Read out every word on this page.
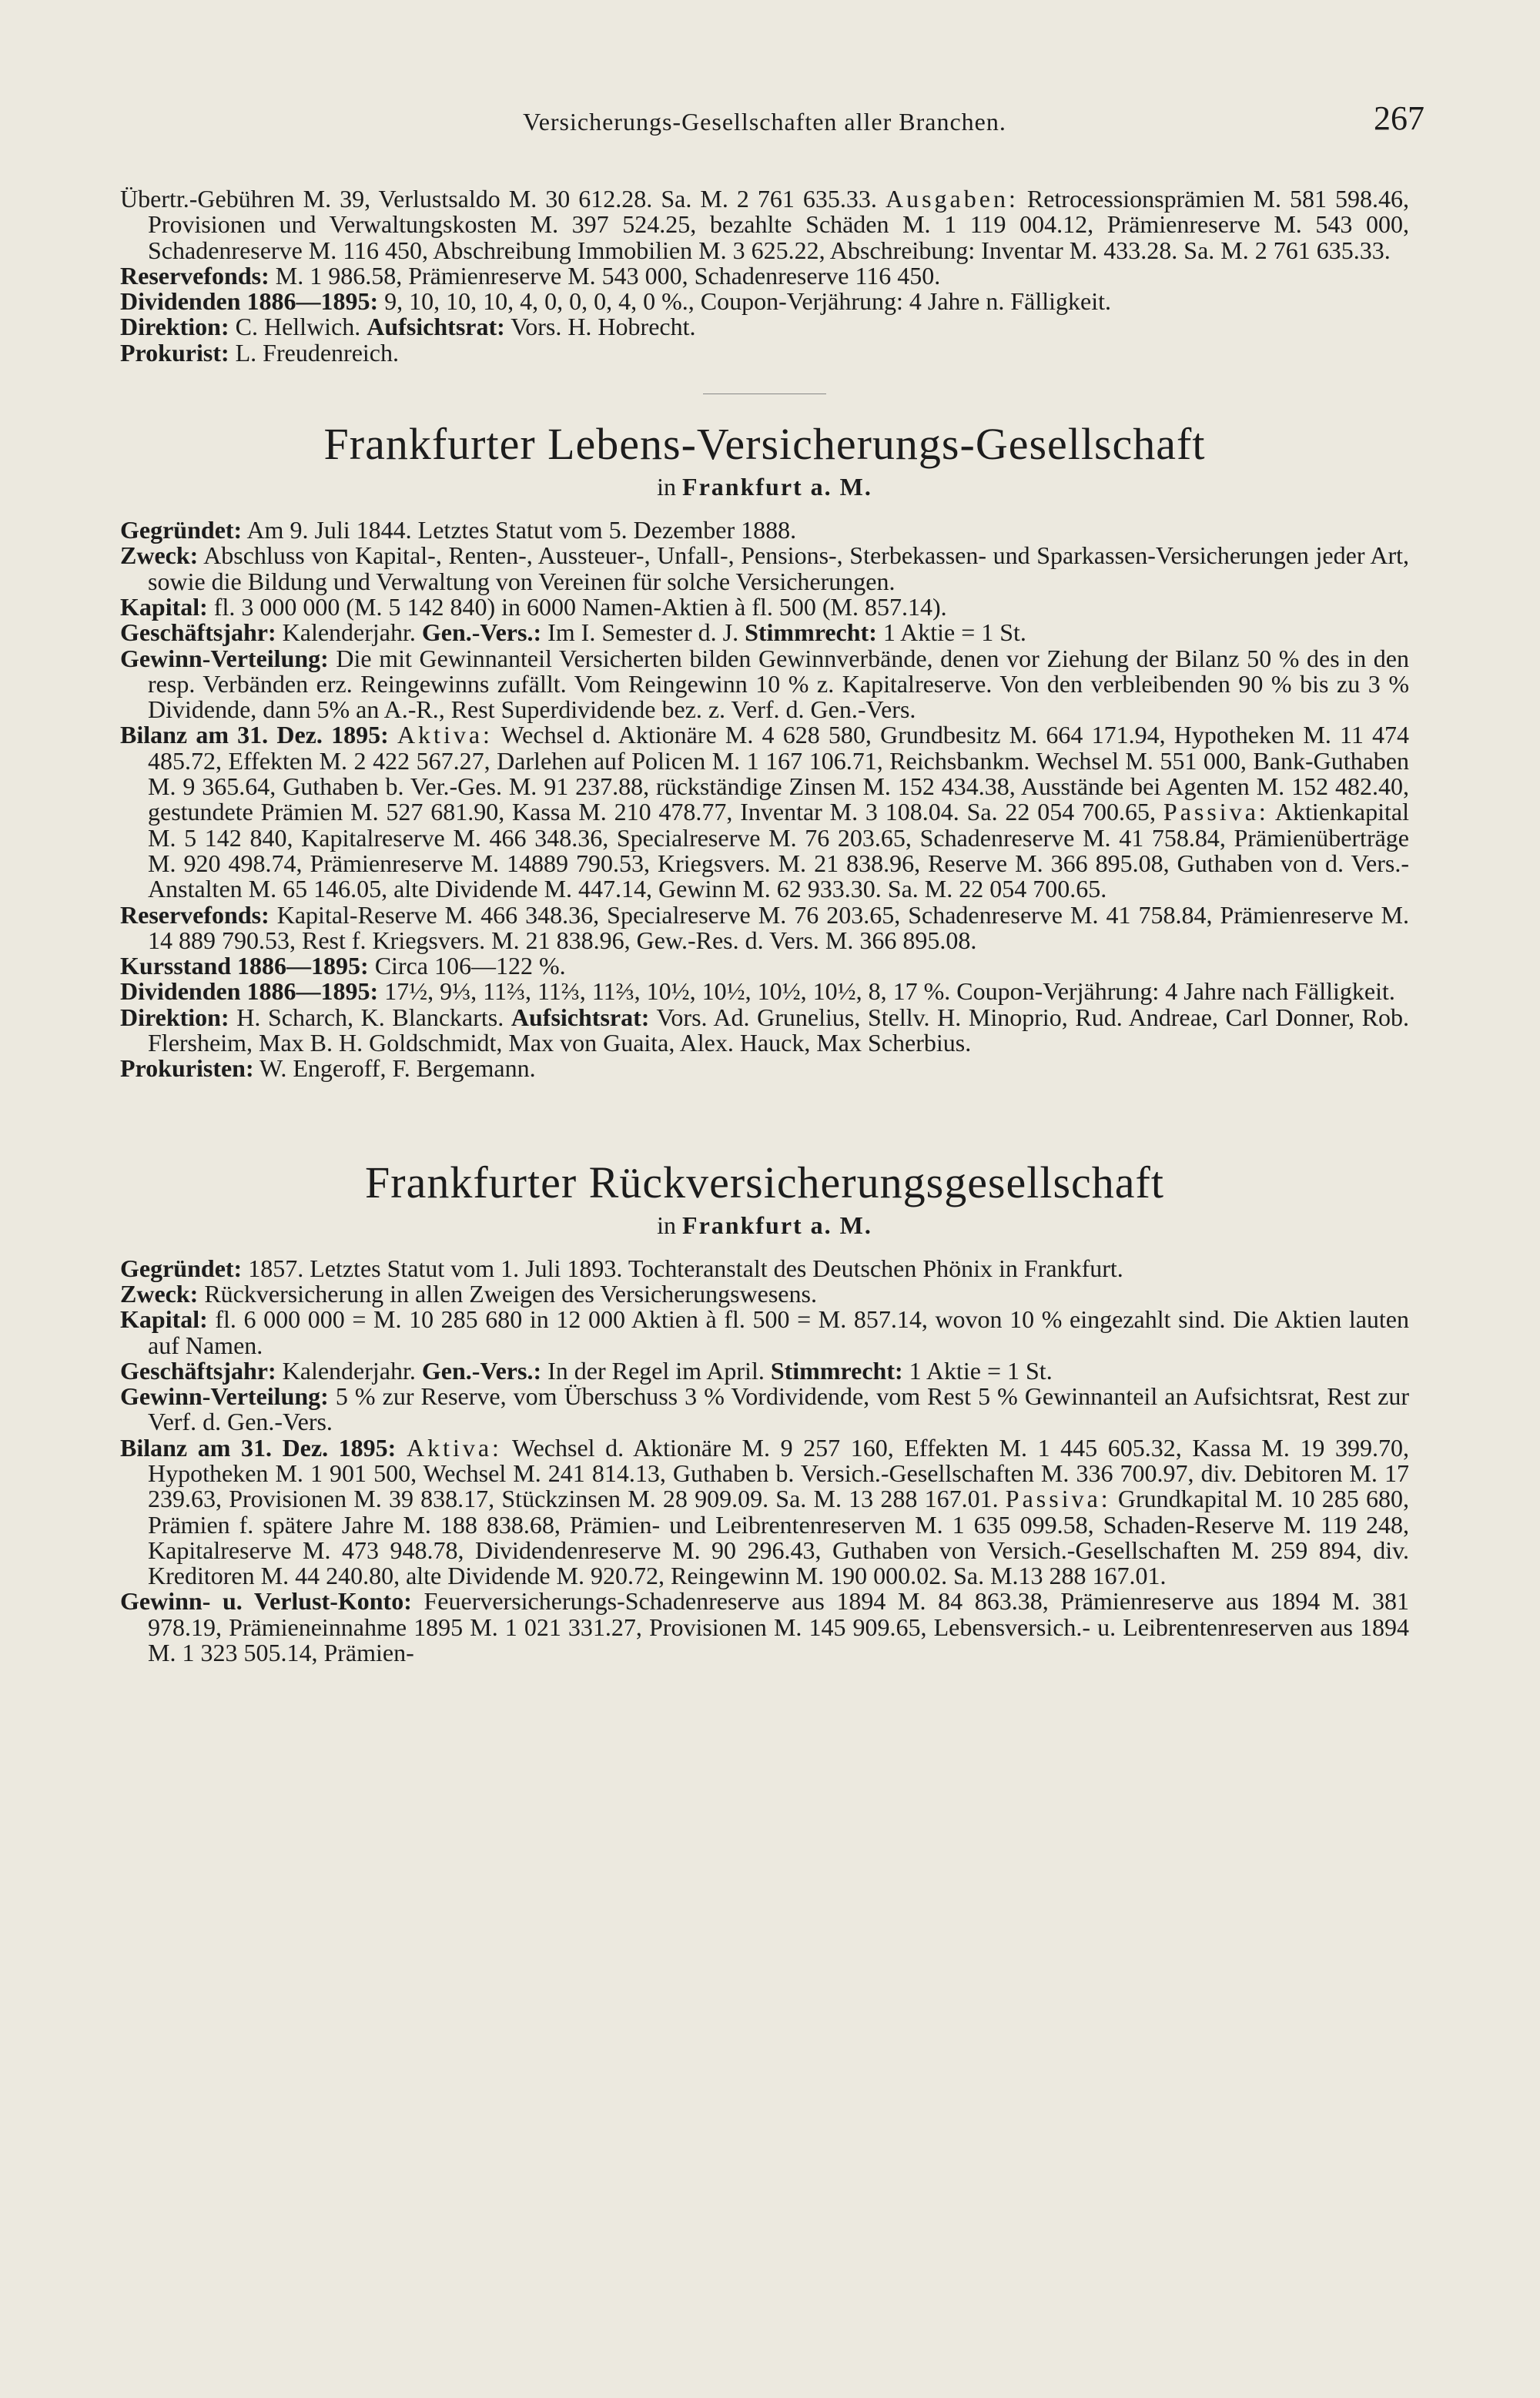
Versicherungs-Gesellschaften aller Branchen.	267

Übertr.-Gebühren M. 39, Verlustsaldo M. 30 612.28. Sa. M. 2 761 635.33. Ausgaben: Retrocessionsprämien M. 581 598.46, Provisionen und Verwaltungskosten M. 397 524.25, bezahlte Schäden M. 1 119 004.12, Prämienreserve M. 543 000, Schadenreserve M. 116 450, Abschreibung Immobilien M. 3 625.22, Abschreibung: Inventar M. 433.28. Sa. M. 2 761 635.33.

Reservefonds: M. 1 986.58, Prämienreserve M. 543 000, Schadenreserve 116 450.

Dividenden 1886—1895: 9, 10, 10, 10, 4, 0, 0, 0, 4, 0 %., Coupon-Verjährung: 4 Jahre n. Fälligkeit.

Direktion: C. Hellwich. Aufsichtsrat: Vors. H. Hobrecht.

Prokurist: L. Freudenreich.

Frankfurter Lebens-Versicherungs-Gesellschaft
in Frankfurt a. M.

Gegründet: Am 9. Juli 1844. Letztes Statut vom 5. Dezember 1888.

Zweck: Abschluss von Kapital-, Renten-, Aussteuer-, Unfall-, Pensions-, Sterbekassen- und Sparkassen-Versicherungen jeder Art, sowie die Bildung und Verwaltung von Vereinen für solche Versicherungen.

Kapital: fl. 3 000 000 (M. 5 142 840) in 6000 Namen-Aktien à fl. 500 (M. 857.14).

Geschäftsjahr: Kalenderjahr. Gen.-Vers.: Im I. Semester d. J. Stimmrecht: 1 Aktie = 1 St.

Gewinn-Verteilung: Die mit Gewinnanteil Versicherten bilden Gewinnverbände, denen vor Ziehung der Bilanz 50 % des in den resp. Verbänden erz. Reingewinns zufällt. Vom Reingewinn 10 % z. Kapitalreserve. Von den verbleibenden 90 % bis zu 3 % Dividende, dann 5% an A.-R., Rest Superdividende bez. z. Verf. d. Gen.-Vers.

Bilanz am 31. Dez. 1895: Aktiva: Wechsel d. Aktionäre M. 4 628 580, Grundbesitz M. 664 171.94, Hypotheken M. 11 474 485.72, Effekten M. 2 422 567.27, Darlehen auf Policen M. 1 167 106.71, Reichsbankm. Wechsel M. 551 000, Bank-Guthaben M. 9 365.64, Guthaben b. Ver.-Ges. M. 91 237.88, rückständige Zinsen M. 152 434.38, Ausstände bei Agenten M. 152 482.40, gestundete Prämien M. 527 681.90, Kassa M. 210 478.77, Inventar M. 3 108.04. Sa. 22 054 700.65, Passiva: Aktienkapital M. 5 142 840, Kapitalreserve M. 466 348.36, Specialreserve M. 76 203.65, Schadenreserve M. 41 758.84, Prämienüberträge M. 920 498.74, Prämienreserve M. 14889 790.53, Kriegsvers. M. 21 838.96, Reserve M. 366 895.08, Guthaben von d. Vers.-Anstalten M. 65 146.05, alte Dividende M. 447.14, Gewinn M. 62 933.30. Sa. M. 22 054 700.65.

Reservefonds: Kapital-Reserve M. 466 348.36, Specialreserve M. 76 203.65, Schadenreserve M. 41 758.84, Prämienreserve M. 14 889 790.53, Rest f. Kriegsvers. M. 21 838.96, Gew.-Res. d. Vers. M. 366 895.08.

Kursstand 1886—1895: Circa 106—122 %.

Dividenden 1886—1895: 17½, 9⅓, 11⅔, 11⅔, 11⅔, 10½, 10½, 10½, 10½, 8, 17 %. Coupon-Verjährung: 4 Jahre nach Fälligkeit.

Direktion: H. Scharch, K. Blanckarts. Aufsichtsrat: Vors. Ad. Grunelius, Stellv. H. Minoprio, Rud. Andreae, Carl Donner, Rob. Flersheim, Max B. H. Goldschmidt, Max von Guaita, Alex. Hauck, Max Scherbius.

Prokuristen: W. Engeroff, F. Bergemann.

Frankfurter Rückversicherungsgesellschaft
in Frankfurt a. M.

Gegründet: 1857. Letztes Statut vom 1. Juli 1893. Tochteranstalt des Deutschen Phönix in Frankfurt.

Zweck: Rückversicherung in allen Zweigen des Versicherungswesens.

Kapital: fl. 6 000 000 = M. 10 285 680 in 12 000 Aktien à fl. 500 = M. 857.14, wovon 10 % eingezahlt sind. Die Aktien lauten auf Namen.

Geschäftsjahr: Kalenderjahr. Gen.-Vers.: In der Regel im April. Stimmrecht: 1 Aktie = 1 St.

Gewinn-Verteilung: 5 % zur Reserve, vom Überschuss 3 % Vordividende, vom Rest 5 % Gewinnanteil an Aufsichtsrat, Rest zur Verf. d. Gen.-Vers.

Bilanz am 31. Dez. 1895: Aktiva: Wechsel d. Aktionäre M. 9 257 160, Effekten M. 1 445 605.32, Kassa M. 19 399.70, Hypotheken M. 1 901 500, Wechsel M. 241 814.13, Guthaben b. Versich.-Gesellschaften M. 336 700.97, div. Debitoren M. 17 239.63, Provisionen M. 39 838.17, Stückzinsen M. 28 909.09. Sa. M. 13 288 167.01. Passiva: Grundkapital M. 10 285 680, Prämien f. spätere Jahre M. 188 838.68, Prämien- und Leibrentenreserven M. 1 635 099.58, Schaden-Reserve M. 119 248, Kapitalreserve M. 473 948.78, Dividendenreserve M. 90 296.43, Guthaben von Versich.-Gesellschaften M. 259 894, div. Kreditoren M. 44 240.80, alte Dividende M. 920.72, Reingewinn M. 190 000.02. Sa. M.13 288 167.01.

Gewinn- u. Verlust-Konto: Feuerversicherungs-Schadenreserve aus 1894 M. 84 863.38, Prämienreserve aus 1894 M. 381 978.19, Prämieneinnahme 1895 M. 1 021 331.27, Provisionen M. 145 909.65, Lebensversich.- u. Leibrentenreserven aus 1894 M. 1 323 505.14, Prämien-
